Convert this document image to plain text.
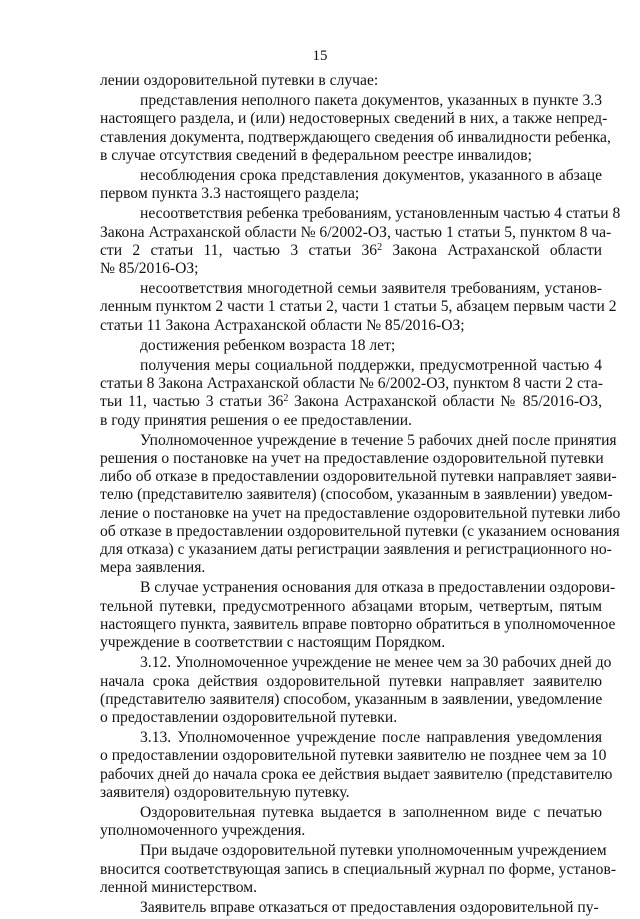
15
лении оздоровительной путевки в случае:
представления неполного пакета документов, указанных в пункте 3.3
настоящего раздела, и (или) недостоверных сведений в них, а также непред-
ставления документа, подтверждающего сведения об инвалидности ребенка,
в случае отсутствия сведений в федеральном реестре инвалидов;
несоблюдения срока представления документов, указанного в абзаце
первом пункта 3.3 настоящего раздела;
несоответствия ребенка требованиям, установленным частью 4 статьи 8
Закона Астраханской области № 6/2002-ОЗ, частью 1 статьи 5, пунктом 8 ча-
сти 2 статьи 11, частью 3 статьи $36^2$ Закона Астраханской области
№ 85/2016-ОЗ;
несоответствия многодетной семьи заявителя требованиям, установ-
ленным пунктом 2 части 1 статьи 2, части 1 статьи 5, абзацем первым части 2
статьи 11 Закона Астраханской области № 85/2016-ОЗ;
достижения ребенком возраста 18 лет;
получения меры социальной поддержки, предусмотренной частью 4
статьи 8 Закона Астраханской области № 6/2002-ОЗ, пунктом 8 части 2 ста-
тьи 11, частью 3 статьи $36^2$ Закона Астраханской области № 85/2016-ОЗ,
в году принятия решения о ее предоставлении.
Уполномоченное учреждение в течение 5 рабочих дней после принятия
решения о постановке на учет на предоставление оздоровительной путевки
либо об отказе в предоставлении оздоровительной путевки направляет заяви-
телю (представителю заявителя) (способом, указанным в заявлении) уведом-
ление о постановке на учет на предоставление оздоровительной путевки либо
об отказе в предоставлении оздоровительной путевки (с указанием основания
для отказа) с указанием даты регистрации заявления и регистрационного но-
мера заявления.
В случае устранения основания для отказа в предоставлении оздорови-
тельной путевки, предусмотренного абзацами вторым, четвертым, пятым
настоящего пункта, заявитель вправе повторно обратиться в уполномоченное
учреждение в соответствии с настоящим Порядком.
3.12. Уполномоченное учреждение не менее чем за 30 рабочих дней до
начала срока действия оздоровительной путевки направляет заявителю
(представителю заявителя) способом, указанным в заявлении, уведомление
о предоставлении оздоровительной путевки.
3.13. Уполномоченное учреждение после направления уведомления
о предоставлении оздоровительной путевки заявителю не позднее чем за 10
рабочих дней до начала срока ее действия выдает заявителю (представителю
заявителя) оздоровительную путевку.
Оздоровительная путевка выдается в заполненном виде с печатью
уполномоченного учреждения.
При выдаче оздоровительной путевки уполномоченным учреждением
вносится соответствующая запись в специальный журнал по форме, установ-
ленной министерством.
Заявитель вправе отказаться от предоставления оздоровительной пу-
